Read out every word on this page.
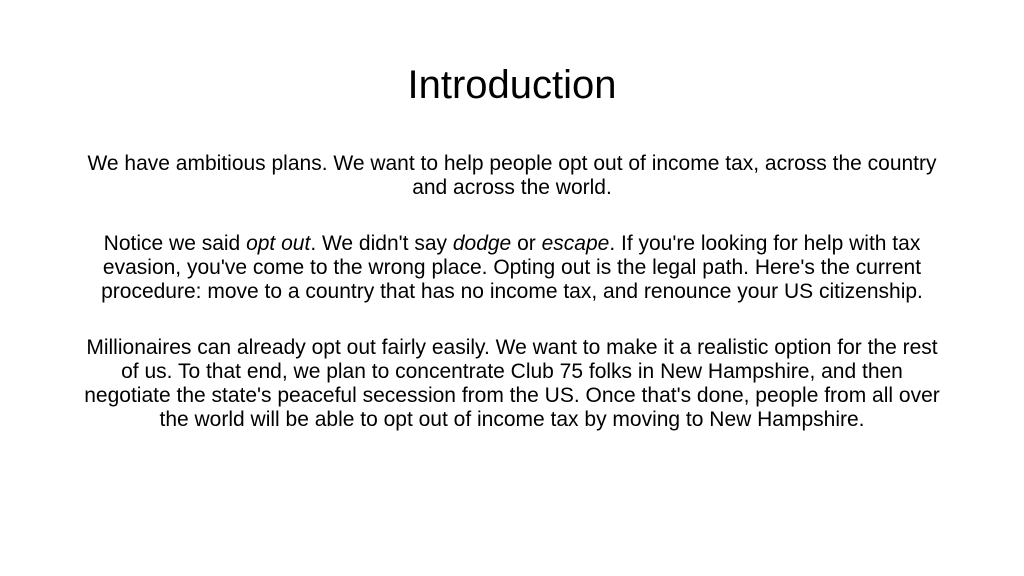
Introduction

We have ambitious plans. We want to help people opt out of income tax, across the country and across the world.

Notice we said opt out. We didn't say dodge or escape. If you're looking for help with tax evasion, you've come to the wrong place. Opting out is the legal path. Here's the current procedure: move to a country that has no income tax, and renounce your US citizenship.

Millionaires can already opt out fairly easily. We want to make it a realistic option for the rest of us. To that end, we plan to concentrate Club 75 folks in New Hampshire, and then negotiate the state's peaceful secession from the US. Once that's done, people from all over the world will be able to opt out of income tax by moving to New Hampshire.
